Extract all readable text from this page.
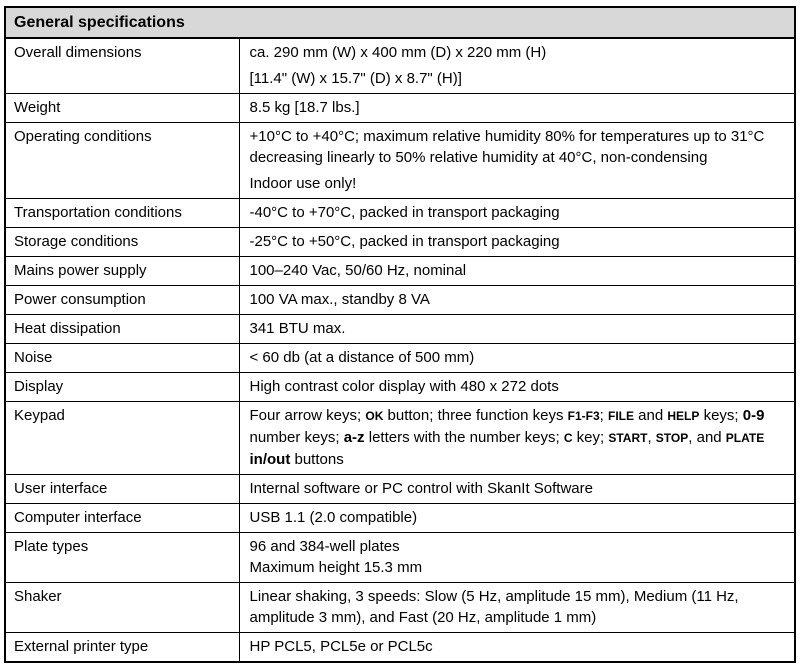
General specifications	
Overall dimensions	ca. 290 mm (W) x 400 mm (D) x 220 mm (H)
[11.4" (W) x 15.7" (D) x 8.7" (H)]

Weight	8.5 kg [18.7 lbs.]

Operating conditions	+10°C to +40°C; maximum relative humidity 80% for temperatures up to 31°C decreasing linearly to 50% relative humidity at 40°C, non-condensing
Indoor use only!

Transportation conditions	-40°C to +70°C, packed in transport packaging

Storage conditions	-25°C to +50°C, packed in transport packaging

Mains power supply	100–240 Vac, 50/60 Hz, nominal

Power consumption	100 VA max., standby 8 VA

Heat dissipation	341 BTU max.

Noise	< 60 db (at a distance of 500 mm)

Display	High contrast color display with 480 x 272 dots

Keypad	Four arrow keys; OK button; three function keys F1-F3; FILE and HELP keys; 0-9 number keys; a-z letters with the number keys; C key; START, STOP, and PLATE in/out buttons

User interface	Internal software or PC control with SkanIt Software

Computer interface	USB 1.1 (2.0 compatible)

Plate types	96 and 384-well plates
Maximum height 15.3 mm

Shaker	Linear shaking, 3 speeds: Slow (5 Hz, amplitude 15 mm), Medium (11 Hz, amplitude 3 mm), and Fast (20 Hz, amplitude 1 mm)

External printer type	HP PCL5, PCL5e or PCL5c
